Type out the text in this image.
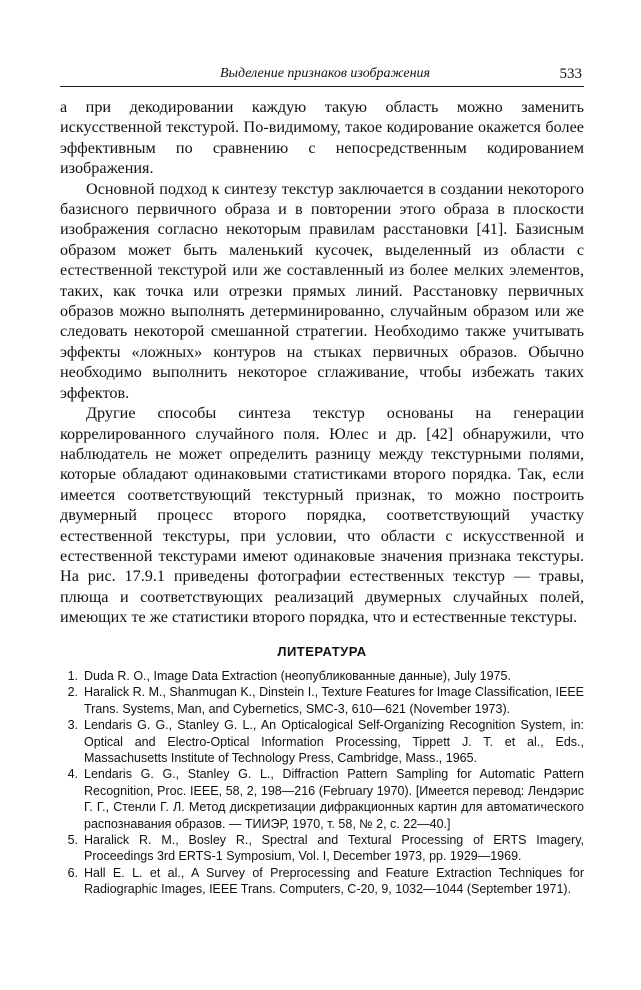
Выделение признаков изображения	533

а при декодировании каждую такую область можно заменить искусственной текстурой. По-видимому, такое кодирование окажется более эффективным по сравнению с непосредственным кодированием изображения.

Основной подход к синтезу текстур заключается в создании некоторого базисного первичного образа и в повторении этого образа в плоскости изображения согласно некоторым правилам расстановки [41]. Базисным образом может быть маленький кусочек, выделенный из области с естественной текстурой или же составленный из более мелких элементов, таких, как точка или отрезки прямых линий. Расстановку первичных образов можно выполнять детерминированно, случайным образом или же следовать некоторой смешанной стратегии. Необходимо также учитывать эффекты «ложных» контуров на стыках первичных образов. Обычно необходимо выполнить некоторое сглаживание, чтобы избежать таких эффектов.

Другие способы синтеза текстур основаны на генерации коррелированного случайного поля. Юлес и др. [42] обнаружили, что наблюдатель не может определить разницу между текстурными полями, которые обладают одинаковыми статистиками второго порядка. Так, если имеется соответствующий текстурный признак, то можно построить двумерный процесс второго порядка, соответствующий участку естественной текстуры, при условии, что области с искусственной и естественной текстурами имеют одинаковые значения признака текстуры. На рис. 17.9.1 приведены фотографии естественных текстур — травы, плюща и соответствующих реализаций двумерных случайных полей, имеющих те же статистики второго порядка, что и естественные текстуры.

ЛИТЕРАТУРА
1. Duda R. O., Image Data Extraction (неопубликованные данные), July 1975.
2. Haralick R. M., Shanmugan K., Dinstein I., Texture Features for Image Classification, IEEE Trans. Systems, Man, and Cybernetics, SMC-3, 610—621 (November 1973).
3. Lendaris G. G., Stanley G. L., An Opticalogical Self-Organizing Recognition System, in: Optical and Electro-Optical Information Processing, Tippett J. T. et al., Eds., Massachusetts Institute of Technology Press, Cambridge, Mass., 1965.
4. Lendaris G. G., Stanley G. L., Diffraction Pattern Sampling for Automatic Pattern Recognition, Proc. IEEE, 58, 2, 198—216 (February 1970). [Имеется перевод: Лендэрис Г. Г., Стенли Г. Л. Метод дискретизации дифракционных картин для автоматического распознавания образов. — ТИИЭР, 1970, т. 58, № 2, с. 22—40.]
5. Haralick R. M., Bosley R., Spectral and Textural Processing of ERTS Imagery, Proceedings 3rd ERTS-1 Symposium, Vol. I, December 1973, pp. 1929—1969.
6. Hall E. L. et al., A Survey of Preprocessing and Feature Extraction Techniques for Radiographic Images, IEEE Trans. Computers, C-20, 9, 1032—1044 (September 1971).
